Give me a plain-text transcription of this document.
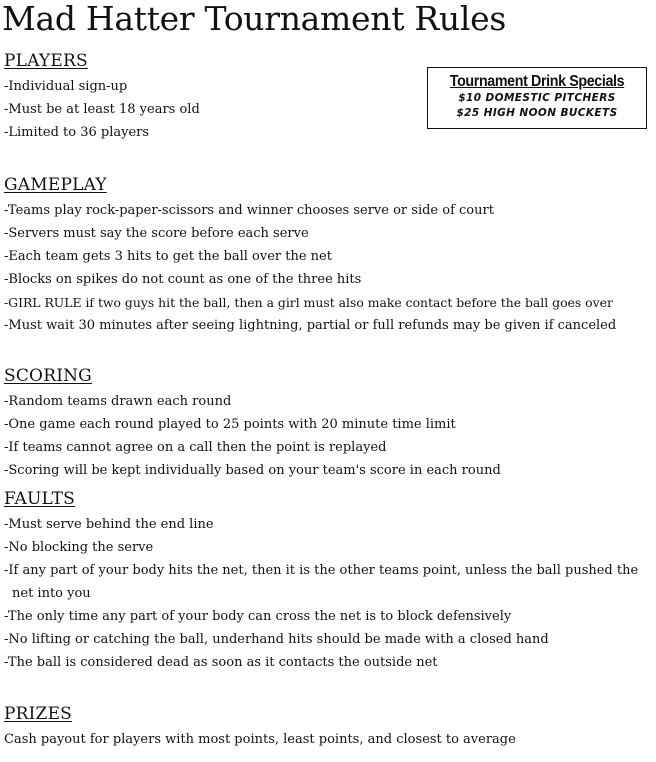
Mad Hatter Tournament Rules
Tournament Drink Specials
$10 DOMESTIC PITCHERS
$25 HIGH NOON BUCKETS
PLAYERS
-Individual sign-up
-Must be at least 18 years old
-Limited to 36 players
GAMEPLAY
-Teams play rock-paper-scissors and winner chooses serve or side of court
-Servers must say the score before each serve
-Each team gets 3 hits to get the ball over the net
-Blocks on spikes do not count as one of the three hits
-GIRL RULE if two guys hit the ball, then a girl must also make contact before the ball goes over
-Must wait 30 minutes after seeing lightning, partial or full refunds may be given if canceled
SCORING
-Random teams drawn each round
-One game each round played to 25 points with 20 minute time limit
-If teams cannot agree on a call then the point is replayed
-Scoring will be kept individually based on your team's score in each round
FAULTS
-Must serve behind the end line
-No blocking the serve
-If any part of your body hits the net, then it is the other teams point, unless the ball pushed the net into you
-The only time any part of your body can cross the net is to block defensively
-No lifting or catching the ball, underhand hits should be made with a closed hand
-The ball is considered dead as soon as it contacts the outside net
PRIZES

Cash payout for players with most points, least points, and closest to average
